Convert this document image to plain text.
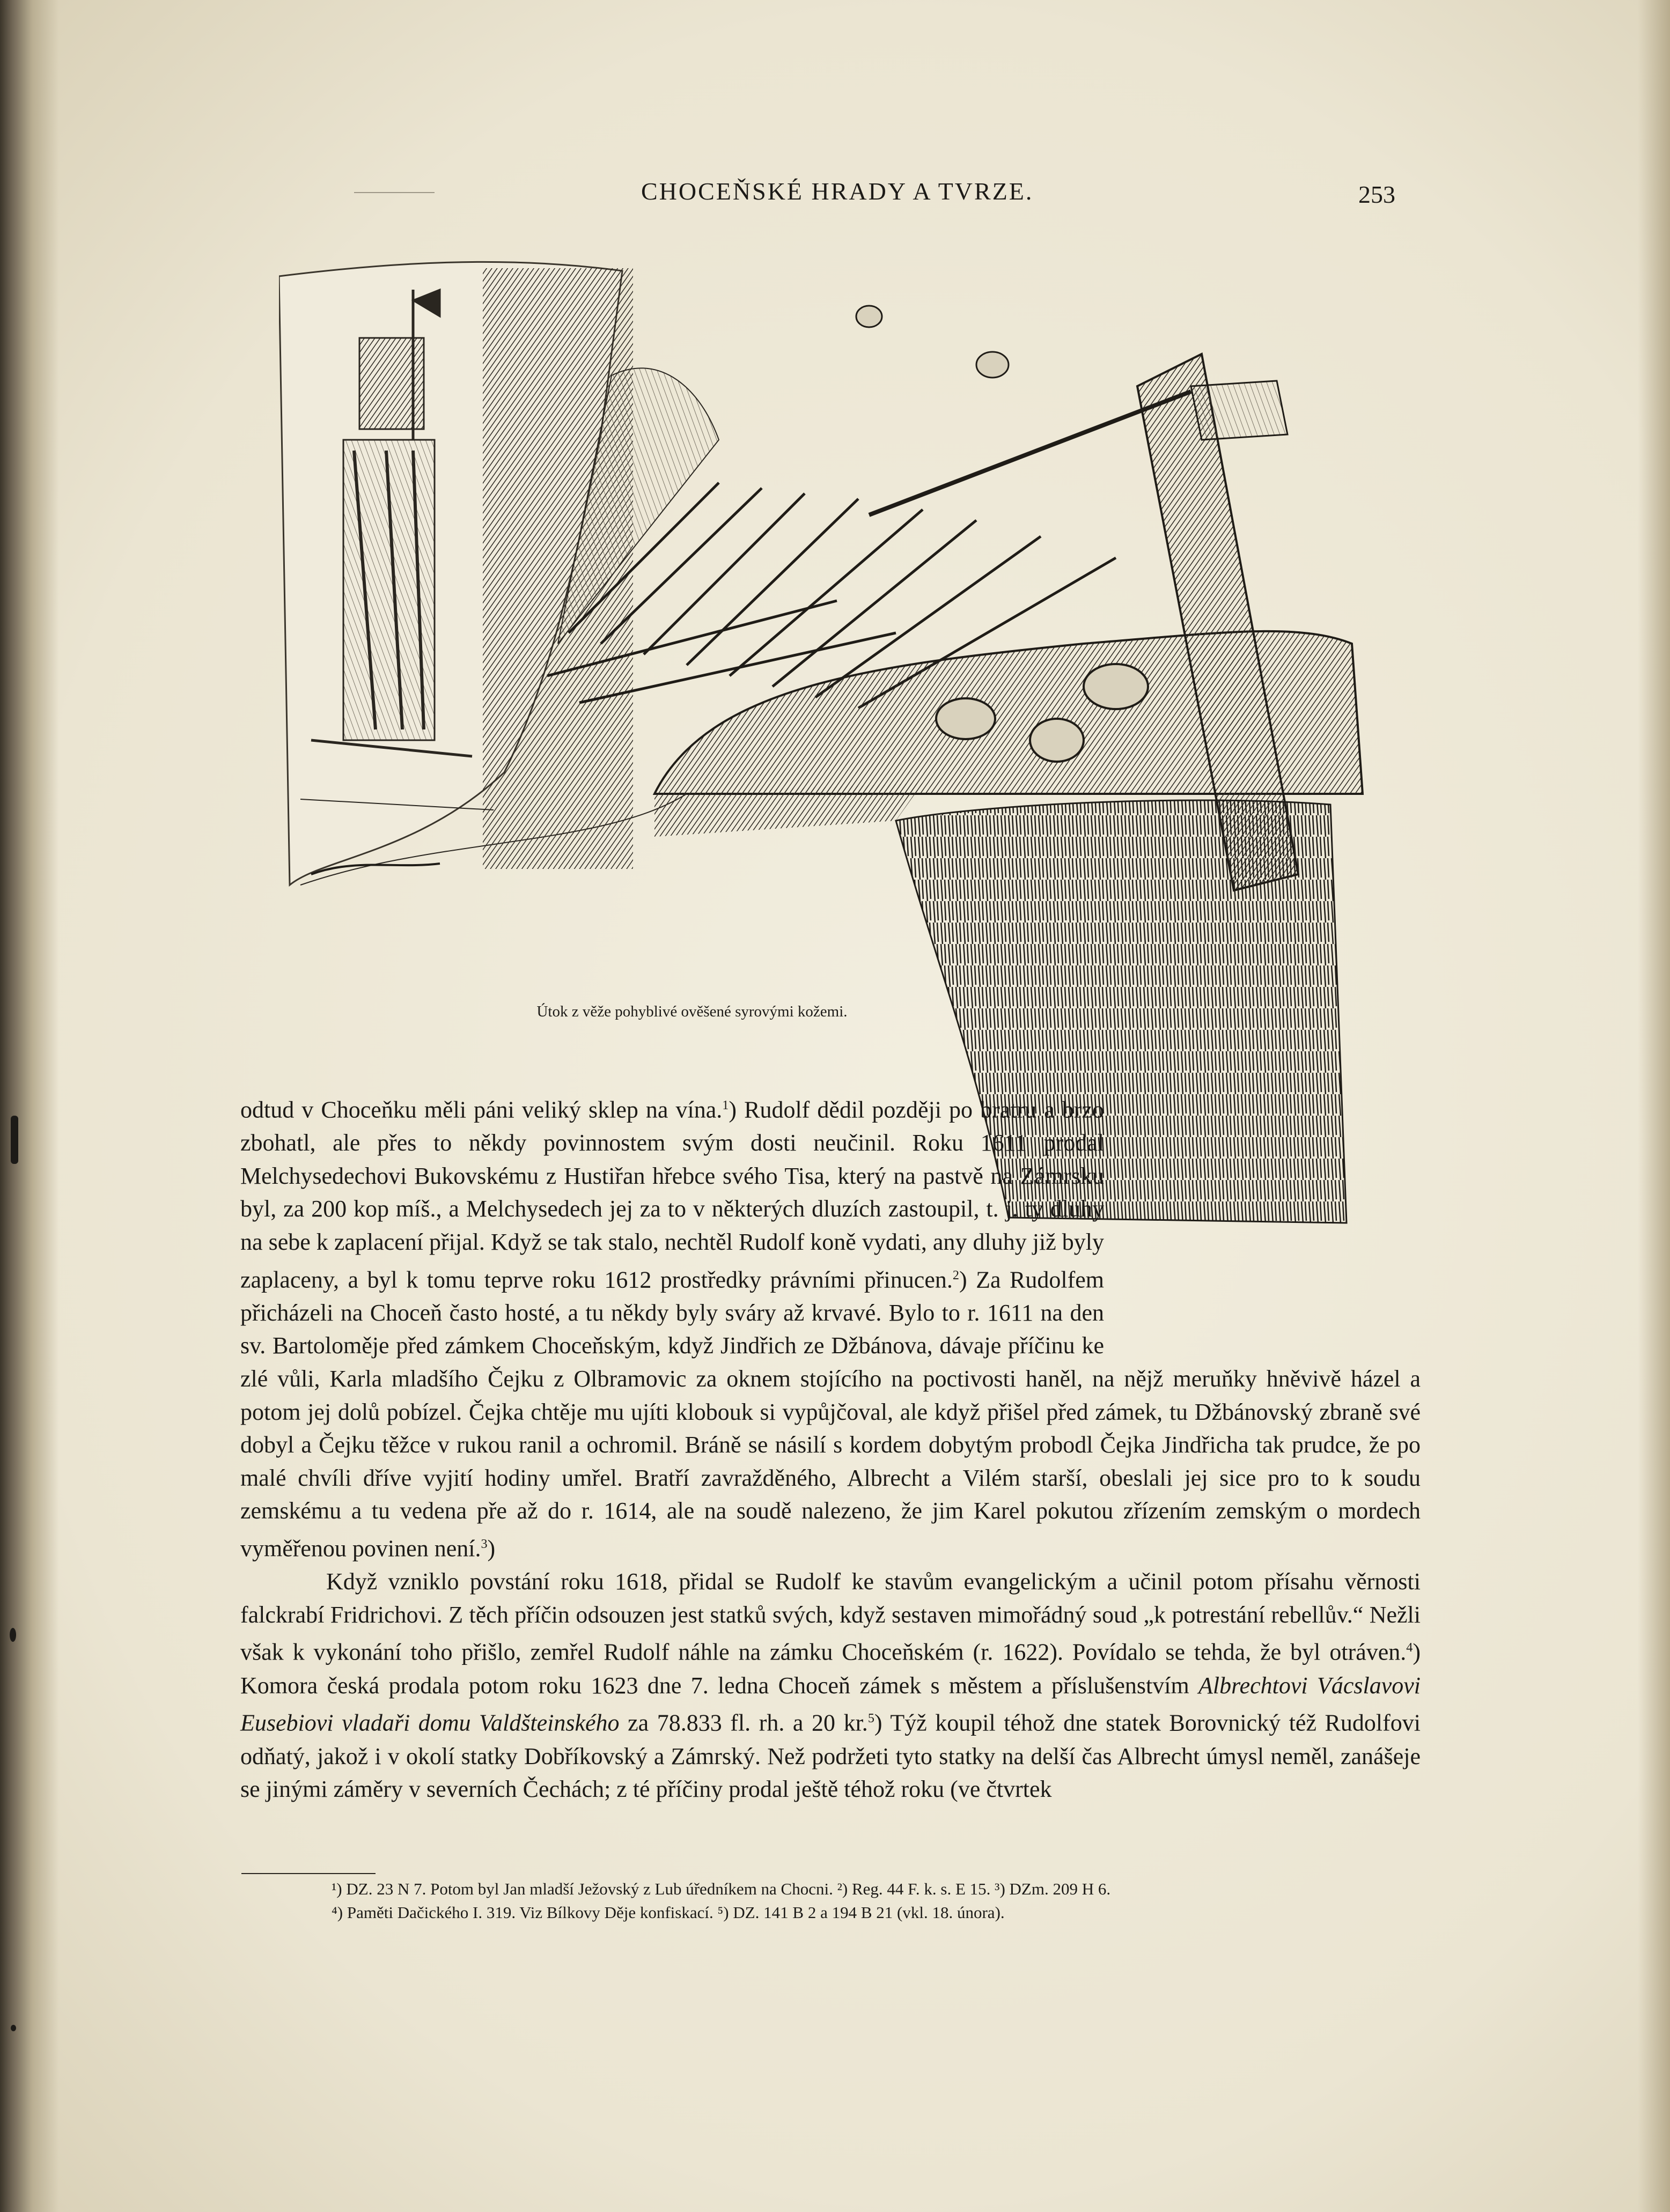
CHOCEŇSKÉ HRADY A TVRZE.	253
Útok z věže pohyblivé ověšené syrovými kožemi.

odtud v Choceňku měli páni veliký sklep na vína.$^1$) Rudolf dědil později po bratru a brzo zbohatl, ale přes to někdy povinnostem svým dosti neučinil. Roku 1611 prodal Melchysedechovi Bukovskému z Hustiřan hřebce svého Tisa, který na pastvě na Zámrsku byl, za 200 kop míš., a Melchysedech jej za to v některých dluzích zastoupil, t. j. ty dluhy na sebe k zaplacení přijal. Když se tak stalo, nechtěl Rudolf koně vydati, any dluhy již byly zaplaceny, a byl k tomu teprve roku 1612 prostředky právními přinucen.$^2$) Za Rudolfem přicházeli na Choceň často hosté, a tu někdy byly sváry až krvavé. Bylo to r. 1611 na den sv. Bartoloměje před zámkem Choceňským, když Jindřich ze Džbánova, dávaje příčinu ke zlé vůli, Karla mladšího Čejku z Olbramovic za oknem stojícího na poctivosti haněl, na nějž meruňky hněvivě házel a potom jej dolů pobízel. Čejka chtěje mu ujíti klobouk si vypůjčoval, ale když přišel před zámek, tu Džbánovský zbraně své dobyl a Čejku těžce v rukou ranil a ochromil. Bráně se násilí s kordem dobytým probodl Čejka Jindřicha tak prudce, že po malé chvíli dříve vyjití hodiny umřel. Bratří zavražděného, Albrecht a Vilém starší, obeslali jej sice pro to k soudu zemskému a tu vedena pře až do r. 1614, ale na soudě nalezeno, že jim Karel pokutou zřízením zemským o mordech vyměřenou povinen není.$^3$)

Když vzniklo povstání roku 1618, přidal se Rudolf ke stavům evangelickým a učinil potom přísahu věrnosti falckrabí Fridrichovi. Z těch příčin odsouzen jest statků svých, když sestaven mimořádný soud „k potrestání rebellův.“ Nežli však k vykonání toho přišlo, zemřel Rudolf náhle na zámku Choceňském (r. 1622). Povídalo se tehda, že byl otráven.$^4$) Komora česká prodala potom roku 1623 dne 7. ledna Choceň zámek s městem a příslušenstvím Albrechtovi Vácslavovi Eusebiovi vladaři domu Valdšteinského za 78.833 fl. rh. a 20 kr.$^5$) Týž koupil téhož dne statek Borovnický též Rudolfovi odňatý, jakož i v okolí statky Dobříkovský a Zámrský. Než podržeti tyto statky na delší čas Albrecht úmysl neměl, zanášeje se jinými záměry v severních Čechách; z té příčiny prodal ještě téhož roku (ve čtvrtek

¹) DZ. 23 N 7. Potom byl Jan mladší Ježovský z Lub úředníkem na Chocni. ²) Reg. 44 F. k. s. E 15. ³) DZm. 209 H 6.

⁴) Paměti Dačického I. 319. Viz Bílkovy Děje konfiskací. ⁵) DZ. 141 B 2 a 194 B 21 (vkl. 18. února).
